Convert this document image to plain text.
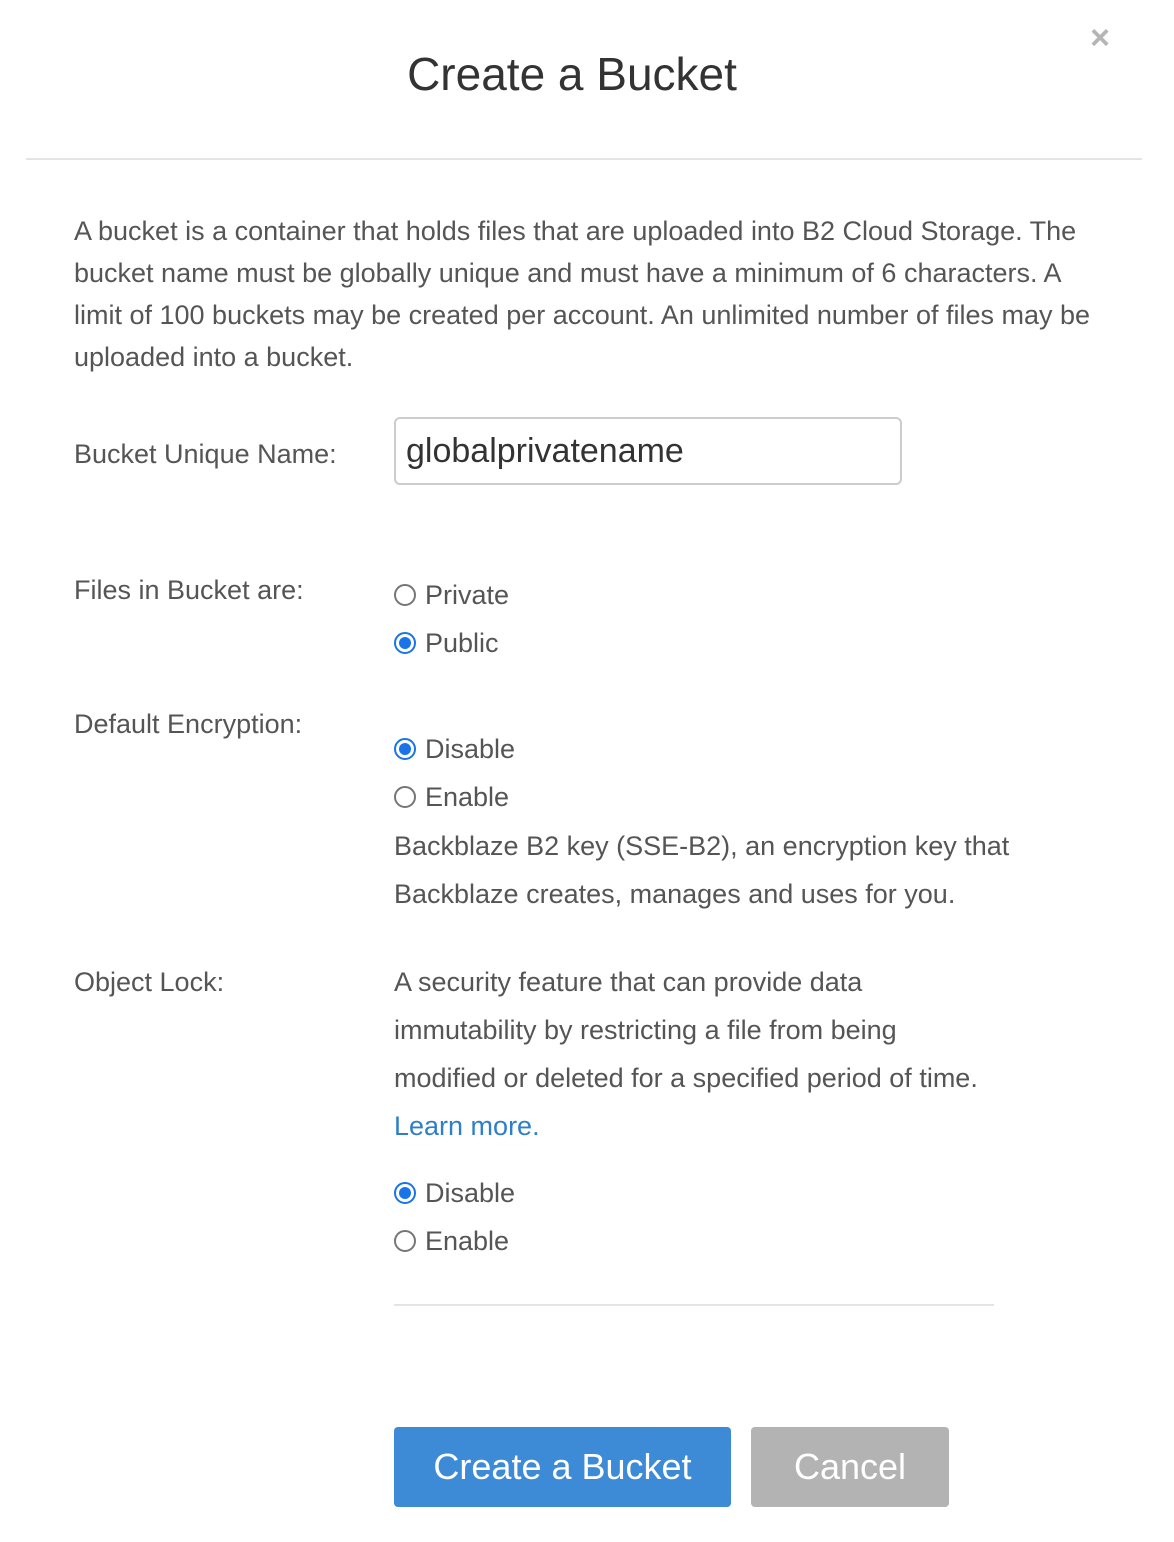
×
Create a Bucket
A bucket is a container that holds files that are uploaded into B2 Cloud Storage. The bucket name must be globally unique and must have a minimum of 6 characters. A limit of 100 buckets may be created per account. An unlimited number of files may be uploaded into a bucket.
Bucket Unique Name:
globalprivatename
Files in Bucket are:	Private
Public
Default Encryption:
Disable
Enable
Backblaze B2 key (SSE-B2), an encryption key that Backblaze creates, manages and uses for you.
Object Lock:	A security feature that can provide data immutability by restricting a file from being modified or deleted for a specified period of time. Learn more.
Disable
Enable
Create a Bucket	Cancel
